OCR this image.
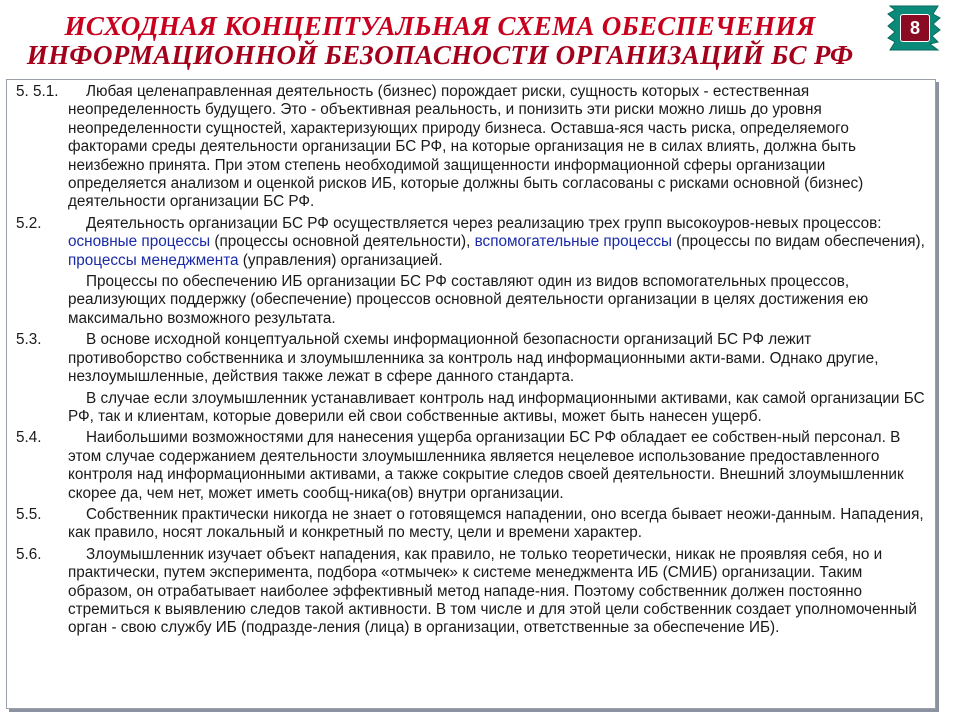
ИСХОДНАЯ КОНЦЕПТУАЛЬНАЯ СХЕМА ОБЕСПЕЧЕНИЯ
ИНФОРМАЦИОННОЙ БЕЗОПАСНОСТИ ОРГАНИЗАЦИЙ БС РФ
8
5. 5.1.	Любая целенаправленная деятельность (бизнес) порождает риски, сущность которых - естественная неопределенность будущего. Это - объективная реальность, и понизить эти риски можно лишь до уровня неопределенности сущностей, характеризующих природу бизнеса. Оставша-яся часть риска, определяемого факторами среды деятельности организации БС РФ, на которые организация не в силах влиять, должна быть неизбежно принята. При этом степень необходимой защищенности информационной сферы организации определяется анализом и оценкой рисков ИБ, которые должны быть согласованы с рисками основной (бизнес) деятельности организации БС РФ.
5.2.	Деятельность организации БС РФ осуществляется через реализацию трех групп высокоуров-невых процессов: основные процессы (процессы основной деятельности), вспомогательные процессы (процессы по видам обеспечения), процессы менеджмента (управления) организацией.
Процессы по обеспечению ИБ организации БС РФ составляют один из видов вспомогательных процессов, реализующих поддержку (обеспечение) процессов основной деятельности организации в целях достижения ею максимально возможного результата.
5.3.	В основе исходной концептуальной схемы информационной безопасности организаций БС РФ лежит противоборство собственника и злоумышленника за контроль над информационными акти-вами. Однако другие, незлоумышленные, действия также лежат в сфере данного стандарта.
В случае если злоумышленник устанавливает контроль над информационными активами, как самой организации БС РФ, так и клиентам, которые доверили ей свои собственные активы, может быть нанесен ущерб.
5.4.	Наибольшими возможностями для нанесения ущерба организации БС РФ обладает ее собствен-ный персонал. В этом случае содержанием деятельности злоумышленника является нецелевое использование предоставленного контроля над информационными активами, а также сокрытие следов своей деятельности. Внешний злоумышленник скорее да, чем нет, может иметь сообщ-ника(ов) внутри организации.
5.5.	Собственник практически никогда не знает о готовящемся нападении, оно всегда бывает неожи-данным. Нападения, как правило, носят локальный и конкретный по месту, цели и времени характер.
5.6.	Злоумышленник изучает объект нападения, как правило, не только теоретически, никак не проявляя себя, но и практически, путем эксперимента, подбора «отмычек» к системе менеджмента ИБ (СМИБ) организации. Таким образом, он отрабатывает наиболее эффективный метод нападе-ния. Поэтому собственник должен постоянно стремиться к выявлению следов такой активности. В том числе и для этой цели собственник создает уполномоченный орган - свою службу ИБ (подразде-ления (лица) в организации, ответственные за обеспечение ИБ).
